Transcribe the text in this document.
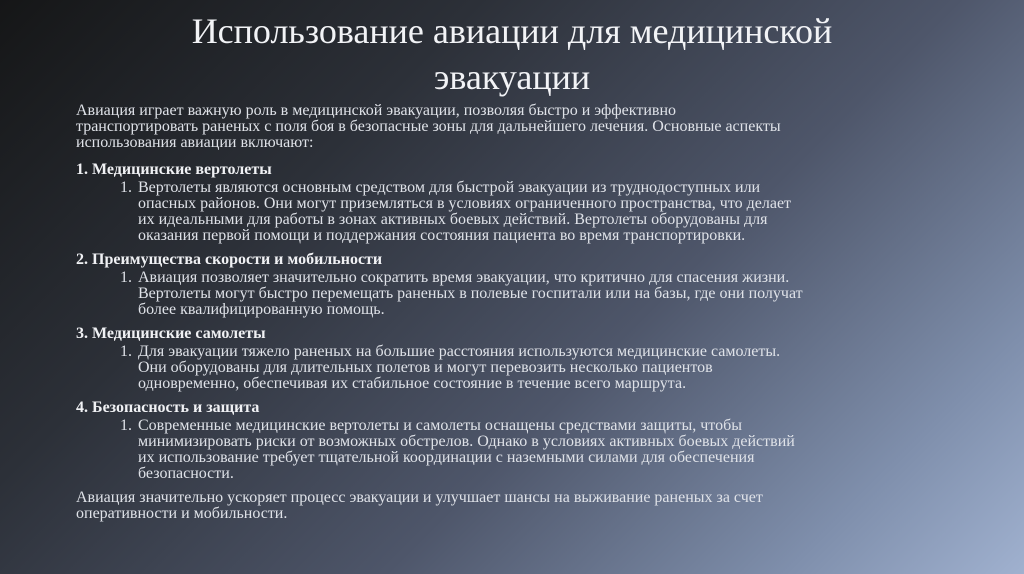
Использование авиации для медицинской
эвакуации
Авиация играет важную роль в медицинской эвакуации, позволяя быстро и эффективно
транспортировать раненых с поля боя в безопасные зоны для дальнейшего лечения. Основные аспекты
использования авиации включают:
1. Медицинские вертолеты
1. Вертолеты являются основным средством для быстрой эвакуации из труднодоступных или
опасных районов. Они могут приземляться в условиях ограниченного пространства, что делает
их идеальными для работы в зонах активных боевых действий. Вертолеты оборудованы для
оказания первой помощи и поддержания состояния пациента во время транспортировки.
2. Преимущества скорости и мобильности
1. Авиация позволяет значительно сократить время эвакуации, что критично для спасения жизни.
Вертолеты могут быстро перемещать раненых в полевые госпитали или на базы, где они получат
более квалифицированную помощь.
3. Медицинские самолеты
1. Для эвакуации тяжело раненых на большие расстояния используются медицинские самолеты.
Они оборудованы для длительных полетов и могут перевозить несколько пациентов
одновременно, обеспечивая их стабильное состояние в течение всего маршрута.
4. Безопасность и защита
1. Современные медицинские вертолеты и самолеты оснащены средствами защиты, чтобы
минимизировать риски от возможных обстрелов. Однако в условиях активных боевых действий
их использование требует тщательной координации с наземными силами для обеспечения
безопасности.
Авиация значительно ускоряет процесс эвакуации и улучшает шансы на выживание раненых за счет
оперативности и мобильности.
